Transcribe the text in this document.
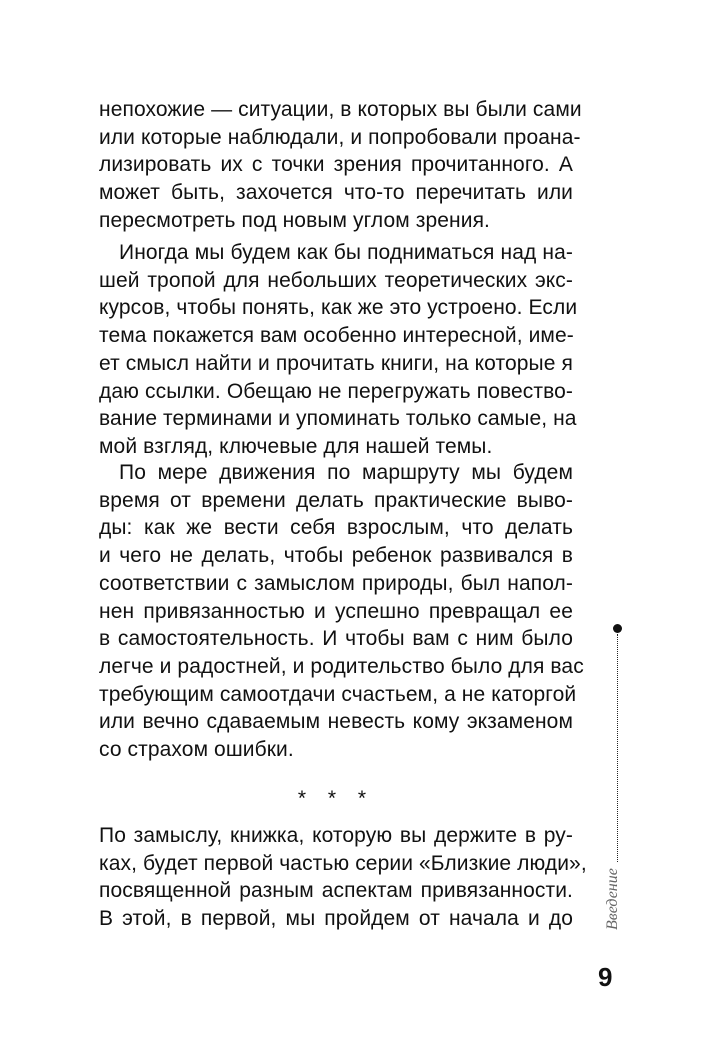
непохожие — ситуации, в которых вы были сами
или которые наблюдали, и попробовали проана-
лизировать их с точки зрения прочитанного. А
может быть, захочется что-то перечитать или
пересмотреть под новым углом зрения.
Иногда мы будем как бы подниматься над на-
шей тропой для небольших теоретических экс-
курсов, чтобы понять, как же это устроено. Если
тема покажется вам особенно интересной, име-
ет смысл найти и прочитать книги, на которые я
даю ссылки. Обещаю не перегружать повество-
вание терминами и упоминать только самые, на
мой взгляд, ключевые для нашей темы.
По мере движения по маршруту мы будем
время от времени делать практические выво-
ды: как же вести себя взрослым, что делать
и чего не делать, чтобы ребенок развивался в
соответствии с замыслом природы, был напол-
нен привязанностью и успешно превращал ее
в самостоятельность. И чтобы вам с ним было
легче и радостней, и родительство было для вас
требующим самоотдачи счастьем, а не каторгой
или вечно сдаваемым невесть кому экзаменом
со страхом ошибки.
* * *
По замыслу, книжка, которую вы держите в ру-
ках, будет первой частью серии «Близкие люди»,
посвященной разным аспектам привязанности.
В этой, в первой, мы пройдем от начала и до Введение
9
